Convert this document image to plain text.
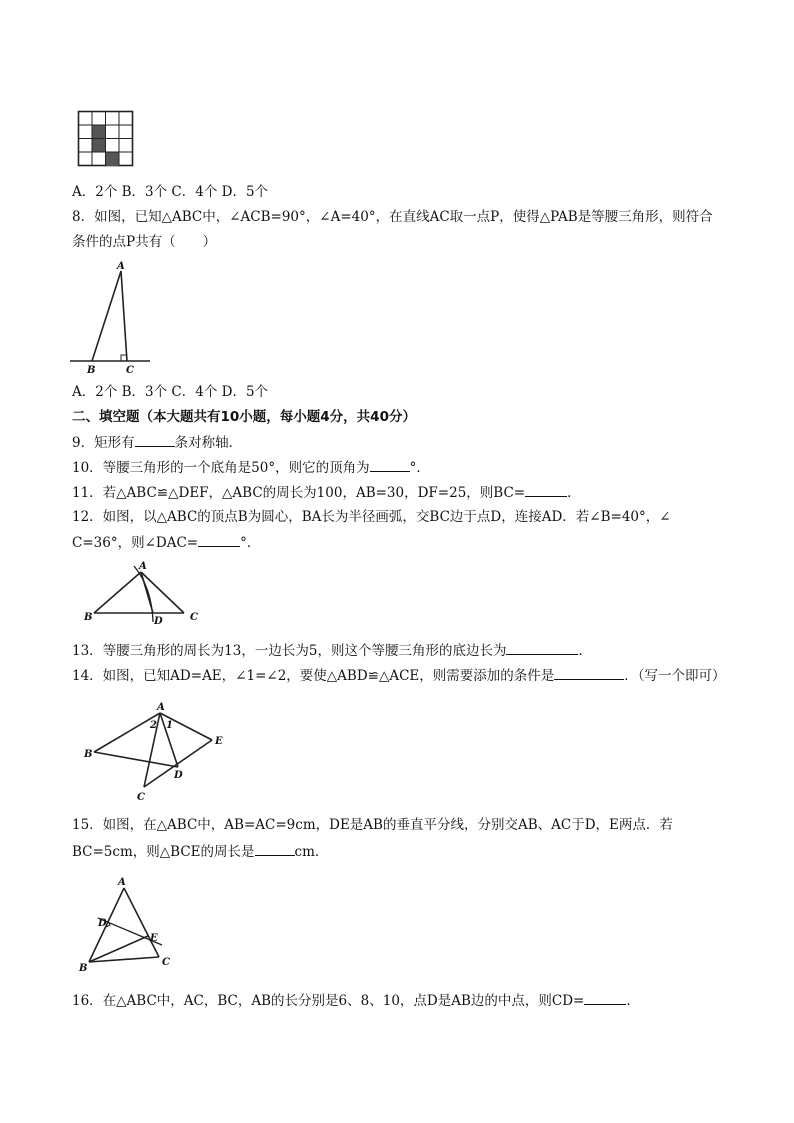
A．2个 B．3个 C．4个 D．5个
8．如图，已知△ABC中，∠ACB=90°，∠A=40°，在直线AC取一点P，使得△PAB是等腰三角形，则符合
条件的点P共有（　　）
A
B	C
A．2个 B．3个 C．4个 D．5个
二、填空题（本大题共有10小题，每小题4分，共40分）
9．矩形有	条对称轴．
10．等腰三角形的一个底角是50°，则它的顶角为	°．
11．若△ABC≌△DEF，△ABC的周长为100，AB=30，DF=25，则BC=	．
12．如图，以△ABC的顶点B为圆心，BA长为半径画弧，交BC边于点D，连接AD．若∠B=40°，∠
C=36°，则∠DAC=	°．
A
B	C
D
13．等腰三角形的周长为13，一边长为5，则这个等腰三角形的底边长为	．
14．如图，已知AD=AE，∠1=∠2，要使△ABD≌△ACE，则需要添加的条件是	．（写一个即可）
A
B
C
D
E
1
2
15．如图，在△ABC中，AB=AC=9cm，DE是AB的垂直平分线，分别交AB、AC于D，E两点．若
BC=5cm，则△BCE的周长是	cm．
A
B
C
D
E
16．在△ABC中，AC，BC，AB的长分别是6、8、10，点D是AB边的中点，则CD=	．
